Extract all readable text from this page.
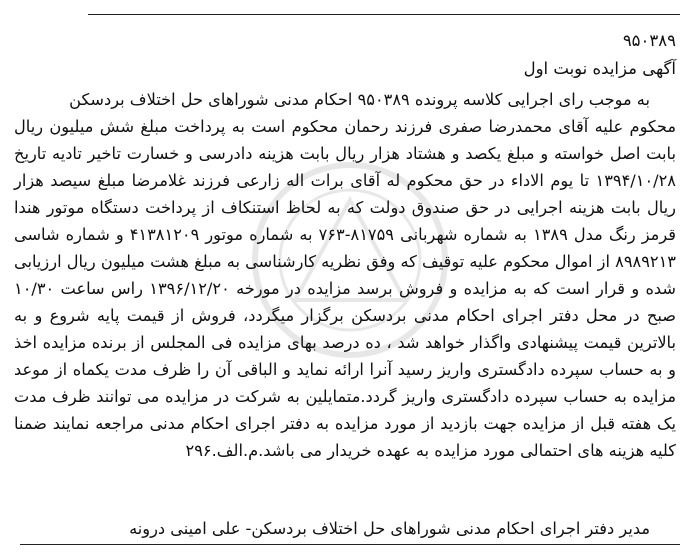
۹۵۰۳۸۹
آگهی مزایده نوبت اول
به موجب رای اجرایی کلاسه پرونده ۹۵۰۳۸۹ احکام مدنی شوراهای حل اختلاف بردسکن
محکوم علیه آقای محمدرضا صفری فرزند رحمان محکوم است به پرداخت مبلغ شش میلیون ریال
بابت اصل خواسته و مبلغ یکصد و هشتاد هزار ریال بابت هزینه دادرسی و خسارت تاخیر تادیه تاریخ
۱۳۹۴/۱۰/۲۸ تا یوم الاداء در حق محکوم له آقای برات اله زارعی فرزند غلامرضا مبلغ سیصد هزار
ریال بابت هزینه اجرایی در حق صندوق دولت که به لحاظ استنکاف از پرداخت دستگاه موتور هندا
قرمز رنگ مدل ۱۳۸۹ به شماره شهربانی ۸۱۷۵۹-۷۶۳ به شماره موتور ۴۱۳۸۱۲۰۹ و شماره شاسی
۸۹۸۹۲۱۳ از اموال محکوم علیه توقیف که وفق نظریه کارشناسی به مبلغ هشت میلیون ریال ارزیابی
شده و قرار است که به مزایده و فروش برسد مزایده در مورخه ۱۳۹۶/۱۲/۲۰ راس ساعت ۱۰/۳۰
صبح در محل دفتر اجرای احکام مدنی بردسکن برگزار میگردد، فروش از قیمت پایه شروع و به
بالاترین قیمت پیشنهادی واگذار خواهد شد ، ده درصد بهای مزایده فی المجلس از برنده مزایده اخذ
و به حساب سپرده دادگستری واریز رسید آنرا ارائه نماید و الباقی آن را ظرف مدت یکماه از موعد
مزایده به حساب سپرده دادگستری واریز گردد.متمایلین به شرکت در مزایده می توانند ظرف مدت
یک هفته قبل از مزایده جهت بازدید از مورد مزایده به دفتر اجرای احکام مدنی مراجعه نمایند ضمنا
کلیه هزینه های احتمالی مورد مزایده به عهده خریدار می باشد.م.الف.۲۹۶
مدیر دفتر اجرای احکام مدنی شوراهای حل اختلاف بردسکن- علی امینی درونه
